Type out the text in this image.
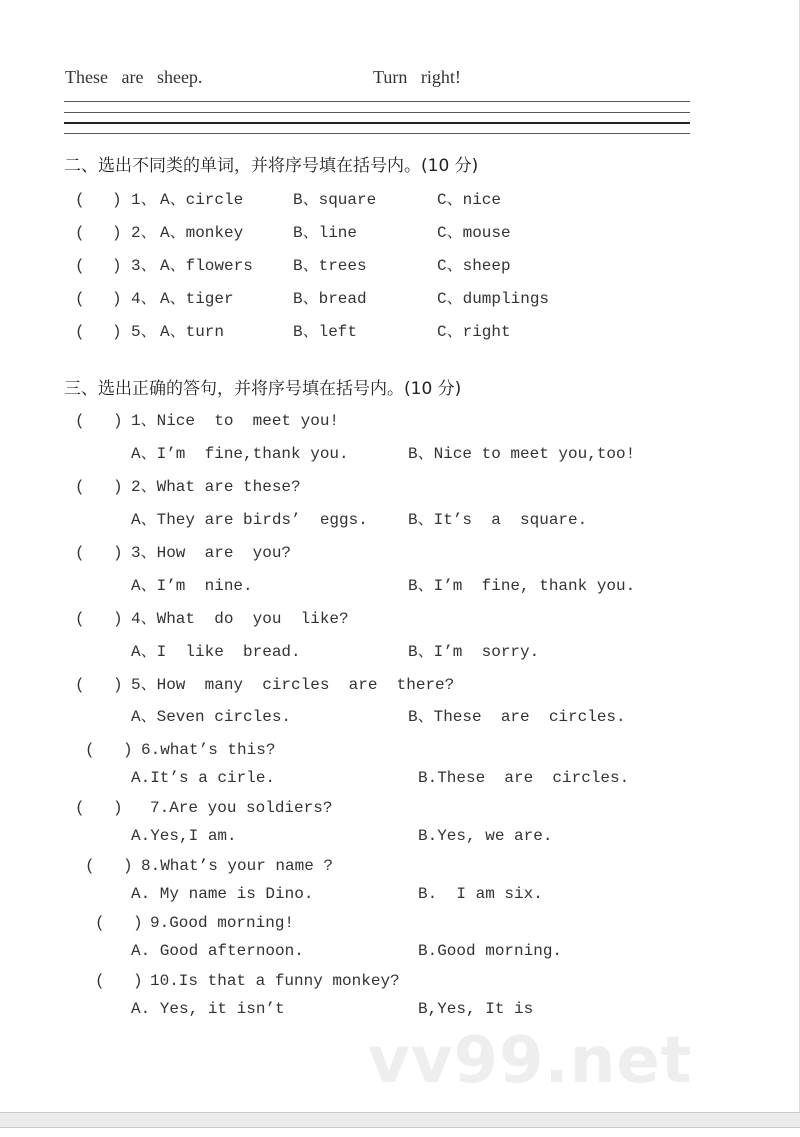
These   are   sheep.

	Turn   right!

二、选出不同类的单词，并将序号填在括号内。(10 分)

( ) 1、 A、circle	B、square	C、nice
( ) 2、 A、monkey	B、line	C、mouse
( ) 3、 A、flowers	B、trees	C、sheep
( ) 4、 A、tiger	B、bread	C、dumplings
( ) 5、 A、turn	B、left	C、right

三、选出正确的答句，并将序号填在括号内。(10 分)

( ) 1、Nice  to  meet you!
A、I’m  fine,thank you.	B、Nice to meet you,too!
( ) 2、What are these?
A、They are birds’  eggs.	B、It’s  a  square.
( ) 3、How  are  you?
A、I’m  nine.	B、I’m  fine, thank you.
( ) 4、What  do  you  like?
A、I  like  bread.	B、I’m  sorry.
( ) 5、How  many  circles  are  there?
A、Seven circles.	B、These  are  circles.
( ) 6.what’s this?
A.It’s a cirle.	B.These  are  circles.
( ) 7.Are you soldiers?
A.Yes,I am.	B.Yes, we are.
( ) 8.What’s your name ?
A. My name is Dino.	B.  I am six.
( ) 9.Good morning!
A. Good afternoon.	B.Good morning.
( ) 10.Is that a funny monkey?
A. Yes, it isn’t	B,Yes, It is
vv99.net
